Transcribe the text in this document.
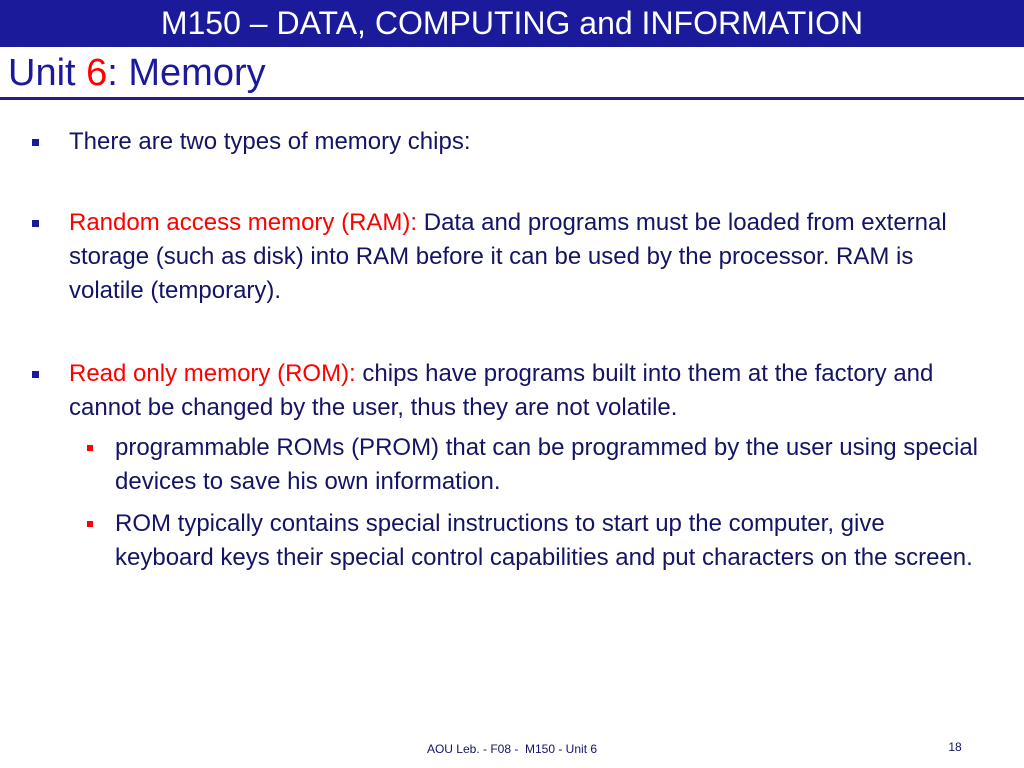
M150 – DATA, COMPUTING and INFORMATION
Unit 6: Memory
There are two types of memory chips:
Random access memory (RAM): Data and programs must be loaded from external storage (such as disk) into RAM before it can be used by the processor. RAM is volatile (temporary).
Read only memory (ROM): chips have programs built into them at the factory and cannot be changed by the user, thus they are not volatile.
programmable ROMs (PROM) that can be programmed by the user using special devices to save his own information.
ROM typically contains special instructions to start up the computer, give keyboard keys their special control capabilities and put characters on the screen.
AOU Leb. - F08 -  M150 - Unit 6	18
